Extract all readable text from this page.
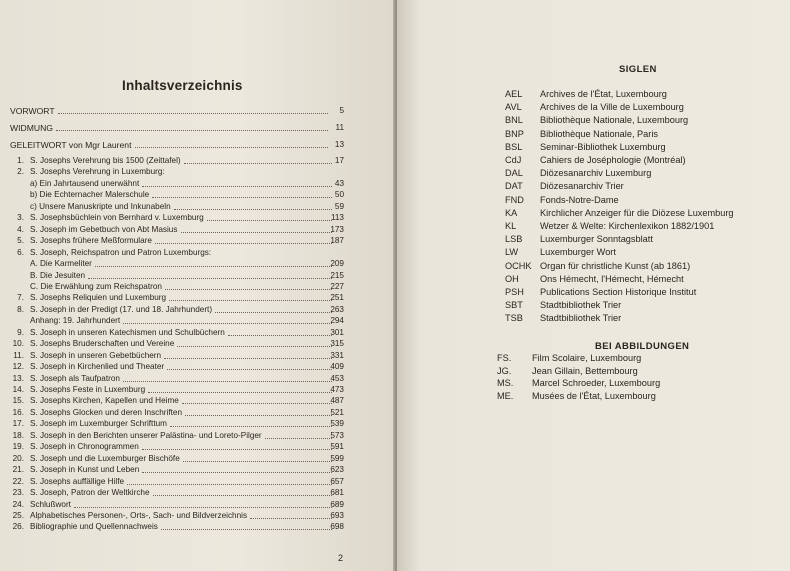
Inhaltsverzeichnis
VORWORT	5
WIDMUNG	11
GELEITWORT von Mgr Laurent	13
1. S. Josephs Verehrung bis 1500 (Zeittafel)	17
2. S. Josephs Verehrung in Luxemburg:
a) Ein Jahrtausend unerwähnt	43
b) Die Echternacher Malerschule	50
c) Unsere Manuskripte und Inkunabeln	59
3. S. Josephsbüchlein von Bernhard v. Luxemburg	113
4. S. Joseph im Gebetbuch von Abt Masius	173
5. S. Josephs frühere Meßformulare	187
6. S. Joseph, Reichspatron und Patron Luxemburgs:
A. Die Karmeliter	209
B. Die Jesuiten	215
C. Die Erwählung zum Reichspatron	227
7. S. Josephs Reliquien und Luxemburg	251
8. S. Joseph in der Predigt (17. und 18. Jahrhundert)	263
Anhang: 19. Jahrhundert	294
9. S. Joseph in unseren Katechismen und Schulbüchern	301
10. S. Josephs Bruderschaften und Vereine	315
11. S. Joseph in unseren Gebetbüchern	331
12. S. Joseph in Kirchenlied und Theater	409
13. S. Joseph als Taufpatron	453
14. S. Josephs Feste in Luxemburg	473
15. S. Josephs Kirchen, Kapellen und Heime	487
16. S. Josephs Glocken und deren Inschriften	521
17. S. Joseph im Luxemburger Schrifttum	539
18. S. Joseph in den Berichten unserer Palästina- und Loreto-Pilger	573
19. S. Joseph in Chronogrammen	591
20. S. Joseph und die Luxemburger Bischöfe	599
21. S. Joseph in Kunst und Leben	623
22. S. Josephs auffällige Hilfe	657
23. S. Joseph, Patron der Weltkirche	681
24. Schlußwort	689
25. Alphabetisches Personen-, Orts-, Sach- und Bildverzeichnis	693
26. Bibliographie und Quellennachweis	698
2
SIGLEN
AEL Archives de l'État, Luxembourg
AVL Archives de la Ville de Luxembourg
BNL Bibliothèque Nationale, Luxembourg
BNP Bibliothèque Nationale, Paris
BSL Seminar-Bibliothek Luxemburg
CdJ Cahiers de Joséphologie (Montréal)
DAL Diözesanarchiv Luxemburg
DAT Diözesanarchiv Trier
FND Fonds-Notre-Dame
KA Kirchlicher Anzeiger für die Diözese Luxemburg
KL	Wetzer & Welte: Kirchenlexikon 1882/1901
LSB Luxemburger Sonntagsblatt
LW Luxemburger Wort
OCHK Organ für christliche Kunst (ab 1861)
OH Ons Hémecht, l'Hémecht, Hémecht
PSH Publications Section Historique Institut
SBT Stadtbibliothek Trier
TSB Stadtbibliothek Trier
BEI ABBILDUNGEN
FS. Film Scolaire, Luxembourg
JG. Jean Gillain, Bettembourg
MS. Marcel Schroeder, Luxembourg
ME. Musées de l'État, Luxembourg
